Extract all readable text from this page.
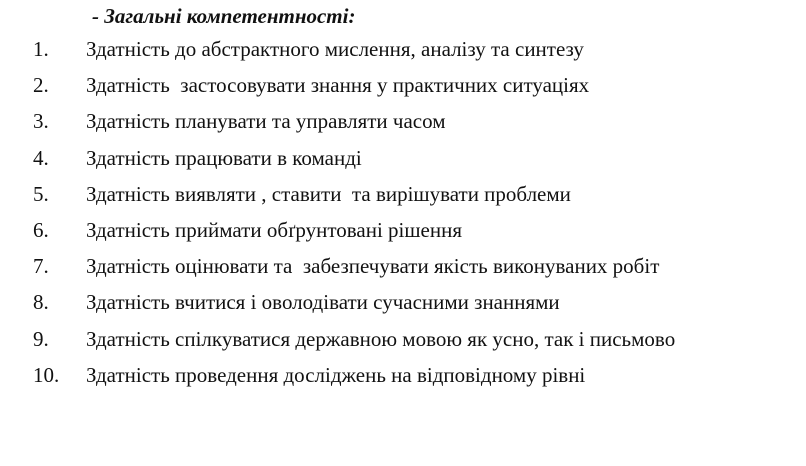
- Загальні компетентності:

1.

Здатність до абстрактного мислення, аналізу та синтезу

2.

Здатність  застосовувати знання у практичних ситуаціях

3.

Здатність планувати та управляти часом

4.

Здатність працювати в команді

5.

Здатність виявляти , ставити  та вирішувати проблеми

6.

Здатність приймати обґрунтовані рішення

7.

Здатність оцінювати та  забезпечувати якість виконуваних робіт

8.

Здатність вчитися і оволодівати сучасними знаннями

9.

Здатність спілкуватися державною мовою як усно, так і письмово

10.

Здатність проведення досліджень на відповідному рівні
